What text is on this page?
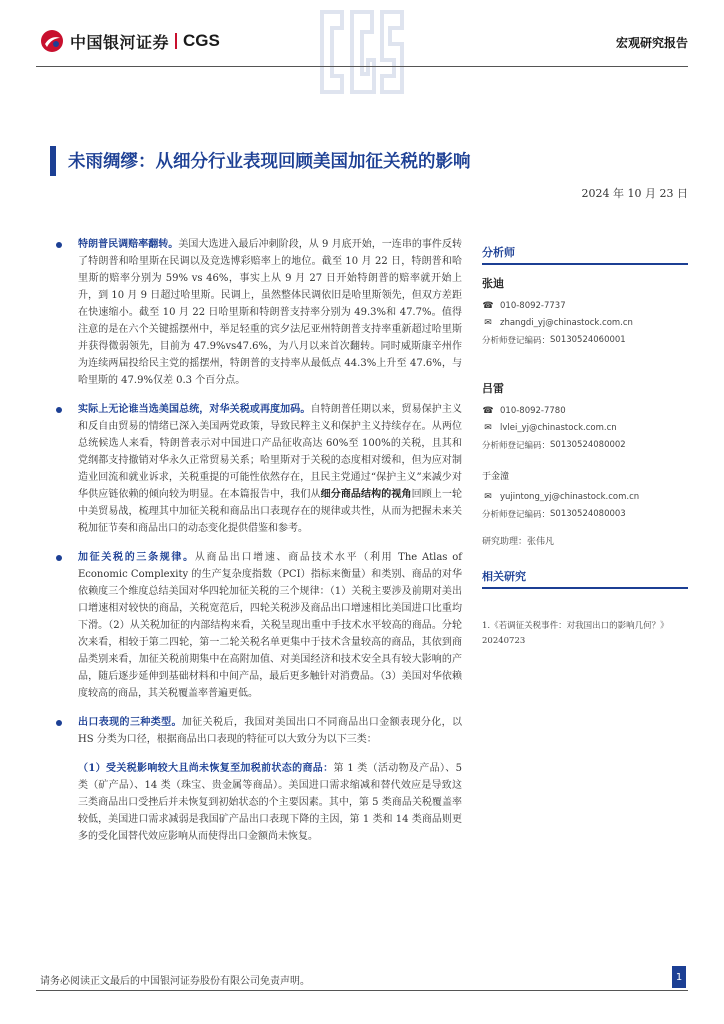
中国银河证券 CGS	宏观研究报告
未雨绸缪：从细分行业表现回顾美国加征关税的影响
2024 年 10 月 23 日

特朗普民调赔率翻转。美国大选进入最后冲刺阶段，从 9 月底开始，一连串的事件反转了特朗普和哈里斯在民调以及竞选博彩赔率上的地位。截至 10 月 22 日，特朗普和哈里斯的赔率分别为 59% vs 46%，事实上从 9 月 27 日开始特朗普的赔率就开始上升，到 10 月 9 日超过哈里斯。民调上，虽然整体民调依旧是哈里斯领先，但双方差距在快速缩小。截至 10 月 22 日哈里斯和特朗普支持率分别为 49.3%和 47.7%。值得注意的是在六个关键摇摆州中，举足轻重的宾夕法尼亚州特朗普支持率重新超过哈里斯并获得微弱领先，目前为 47.9%vs47.6%，为八月以来首次翻转。同时威斯康辛州作为连续两届投给民主党的摇摆州，特朗普的支持率从最低点 44.3%上升至 47.6%，与哈里斯的 47.9%仅差 0.3 个百分点。

实际上无论谁当选美国总统，对华关税或再度加码。自特朗普任期以来，贸易保护主义和反自由贸易的情绪已深入美国两党政策，导致民粹主义和保护主义持续存在。从两位总统候选人来看，特朗普表示对中国进口产品征收高达 60%至 100%的关税，且其和党纲都支持撤销对华永久正常贸易关系；哈里斯对于关税的态度相对缓和，但为应对制造业回流和就业诉求，关税重提的可能性依然存在，且民主党通过“保护主义”来减少对华供应链依赖的倾向较为明显。在本篇报告中，我们从细分商品结构的视角回顾上一轮中美贸易战，梳理其中加征关税和商品出口表现存在的规律或共性，从而为把握未来关税加征节奏和商品出口的动态变化提供借鉴和参考。

加征关税的三条规律。从商品出口增速、商品技术水平（利用 The Atlas of Economic Complexity 的生产复杂度指数（PCI）指标来衡量）和类别、商品的对华依赖度三个维度总结美国对华四轮加征关税的三个规律：（1）关税主要涉及前期对美出口增速相对较快的商品，关税宽范后，四轮关税涉及商品出口增速相比美国进口比重均下滑。（2）从关税加征的内部结构来看，关税呈现出重中手技术水平较高的商品。分轮次来看，相较于第二四轮，第一二轮关税名单更集中于技术含量较高的商品，其依到商品类别来看，加征关税前期集中在高附加值、对美国经济和技术安全具有较大影响的产品，随后逐步延伸到基础材料和中间产品，最后更多触针对消费品。（3）美国对华依赖度较高的商品，其关税覆盖率普遍更低。

出口表现的三种类型。加征关税后，我国对美国出口不同商品出口金额表现分化，以 HS 分类为口径，根据商品出口表现的特征可以大致分为以下三类：

（1）受关税影响较大且尚未恢复至加税前状态的商品：第 1 类（活动物及产品）、5 类（矿产品）、14 类（珠宝、贵金属等商品）。美国进口需求缩减和替代效应是导致这三类商品出口受挫后并未恢复到初始状态的个主要因素。其中，第 5 类商品关税覆盖率较低，美国进口需求减弱是我国矿产品出口表现下降的主因，第 1 类和 14 类商品则更多的受化国替代效应影响从而使得出口金额尚未恢复。

分析师
张迪
☎ 010-8092-7737
✉ zhangdi_yj@chinastock.com.cn
分析师登记编码： S0130524060001
吕雷
☎ 010-8092-7780
✉ lvlei_yj@chinastock.com.cn
分析师登记编码： S0130524080002
于金潼
✉ yujintong_yj@chinastock.com.cn
分析师登记编码： S0130524080003
研究助理：张伟凡
相关研究
1.《若调征关税事件：对我国出口的影响几何？》20240723
请务必阅读正文最后的中国银河证券股份有限公司免责声明。	1
